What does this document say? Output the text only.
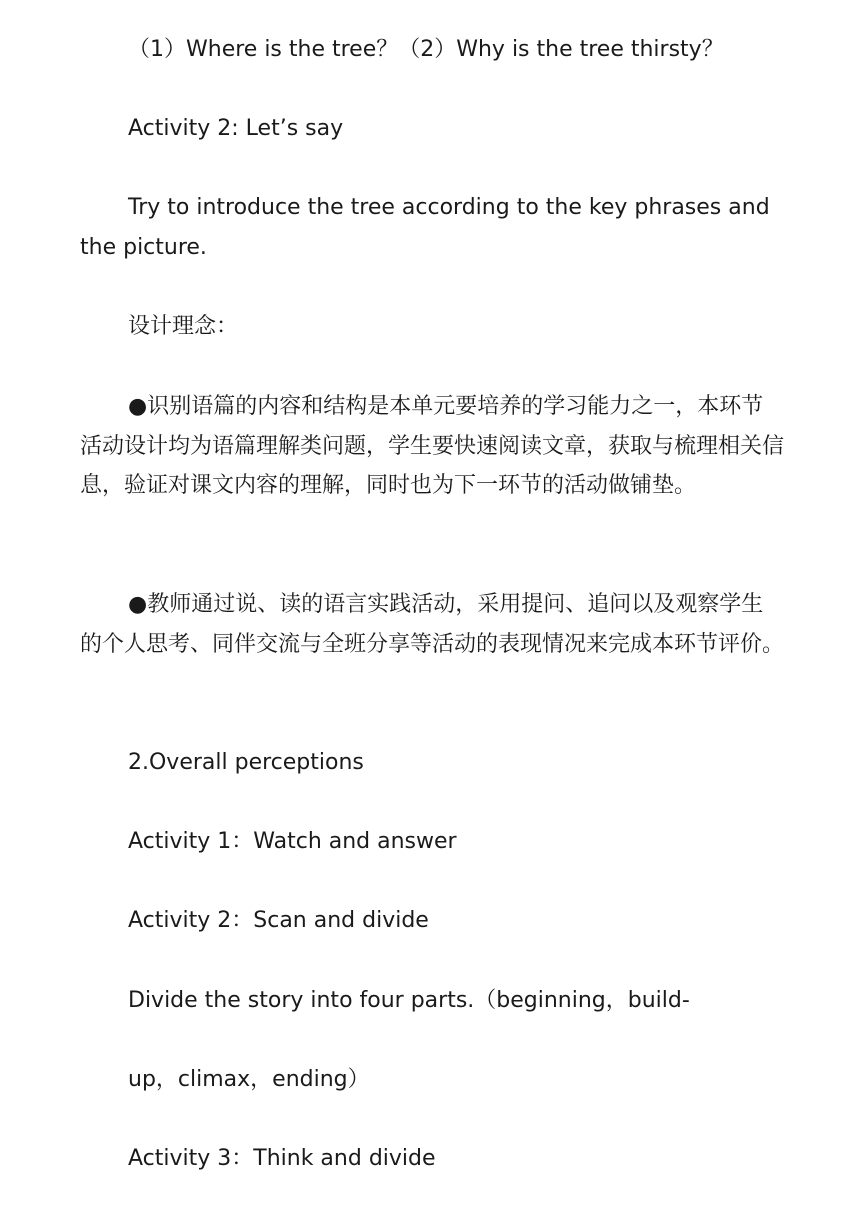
（1）Where is the tree？（2）Why is the tree thirsty？

Activity 2: Let’s say

Try to introduce the tree according to the key phrases and the picture.

设计理念：

●识别语篇的内容和结构是本单元要培养的学习能力之一，本环节活动设计均为语篇理解类问题，学生要快速阅读文章，获取与梳理相关信息，验证对课文内容的理解，同时也为下一环节的活动做铺垫。

●教师通过说、读的语言实践活动，采用提问、追问以及观察学生的个人思考、同伴交流与全班分享等活动的表现情况来完成本环节评价。

2.Overall perceptions

Activity 1：Watch and answer

Activity 2：Scan and divide

Divide the story into four parts.（beginning，build-

up，climax，ending）

Activity 3：Think and divide
